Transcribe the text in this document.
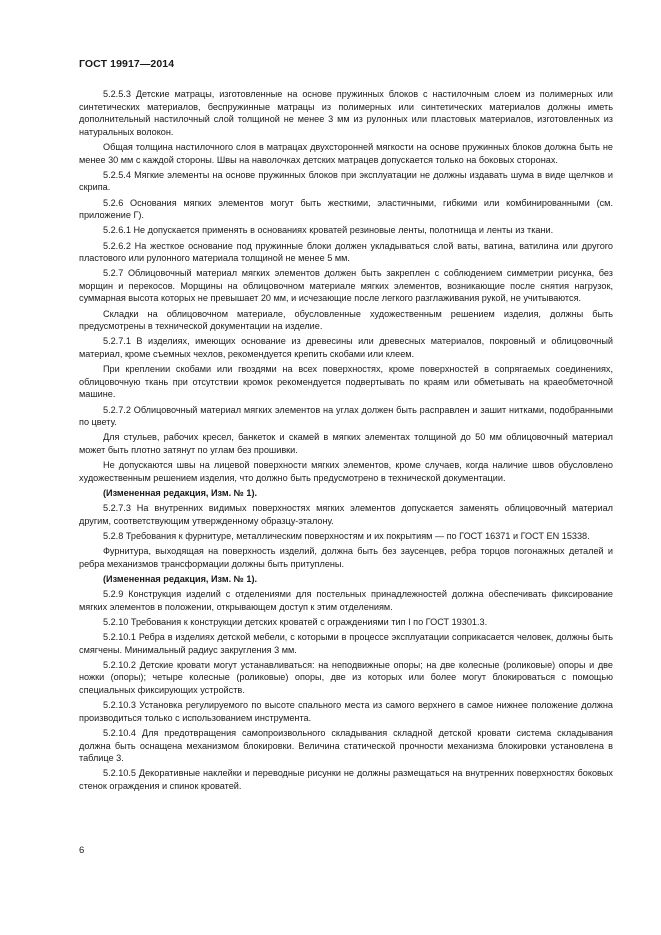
ГОСТ 19917—2014

5.2.5.3 Детские матрацы, изготовленные на основе пружинных блоков с настилочным слоем из полимерных или синтетических материалов, беспружинные матрацы из полимерных или синтетических материалов должны иметь дополнительный настилочный слой толщиной не менее 3 мм из рулонных или пластовых материалов, изготовленных из натуральных волокон.

Общая толщина настилочного слоя в матрацах двухсторонней мягкости на основе пружинных блоков должна быть не менее 30 мм с каждой стороны. Швы на наволочках детских матрацев допускается только на боковых сторонах.

5.2.5.4 Мягкие элементы на основе пружинных блоков при эксплуатации не должны издавать шума в виде щелчков и скрипа.

5.2.6 Основания мягких элементов могут быть жесткими, эластичными, гибкими или комбинированными (см. приложение Г).

5.2.6.1 Не допускается применять в основаниях кроватей резиновые ленты, полотнища и ленты из ткани.

5.2.6.2 На жесткое основание под пружинные блоки должен укладываться слой ваты, ватина, ватилина или другого пластового или рулонного материала толщиной не менее 5 мм.

5.2.7 Облицовочный материал мягких элементов должен быть закреплен с соблюдением симметрии рисунка, без морщин и перекосов. Морщины на облицовочном материале мягких элементов, возникающие после снятия нагрузок, суммарная высота которых не превышает 20 мм, и исчезающие после легкого разглаживания рукой, не учитываются.

Складки на облицовочном материале, обусловленные художественным решением изделия, должны быть предусмотрены в технической документации на изделие.

5.2.7.1 В изделиях, имеющих основание из древесины или древесных материалов, покровный и облицовочный материал, кроме съемных чехлов, рекомендуется крепить скобами или клеем.

При креплении скобами или гвоздями на всех поверхностях, кроме поверхностей в сопрягаемых соединениях, облицовочную ткань при отсутствии кромок рекомендуется подвертывать по краям или обметывать на краеобметочной машине.

5.2.7.2 Облицовочный материал мягких элементов на углах должен быть расправлен и зашит нитками, подобранными по цвету.

Для стульев, рабочих кресел, банкеток и скамей в мягких элементах толщиной до 50 мм облицовочный материал может быть плотно затянут по углам без прошивки.

Не допускаются швы на лицевой поверхности мягких элементов, кроме случаев, когда наличие швов обусловлено художественным решением изделия, что должно быть предусмотрено в технической документации.

(Измененная редакция, Изм. № 1).

5.2.7.3 На внутренних видимых поверхностях мягких элементов допускается заменять облицовочный материал другим, соответствующим утвержденному образцу-эталону.

5.2.8 Требования к фурнитуре, металлическим поверхностям и их покрытиям — по ГОСТ 16371 и ГОСТ EN 15338.

Фурнитура, выходящая на поверхность изделий, должна быть без заусенцев, ребра торцов погонажных деталей и ребра механизмов трансформации должны быть притуплены.

(Измененная редакция, Изм. № 1).

5.2.9 Конструкция изделий с отделениями для постельных принадлежностей должна обеспечивать фиксирование мягких элементов в положении, открывающем доступ к этим отделениям.

5.2.10 Требования к конструкции детских кроватей с ограждениями тип I по ГОСТ 19301.3.

5.2.10.1 Ребра в изделиях детской мебели, с которыми в процессе эксплуатации соприкасается человек, должны быть смягчены. Минимальный радиус закругления 3 мм.

5.2.10.2 Детские кровати могут устанавливаться: на неподвижные опоры; на две колесные (роликовые) опоры и две ножки (опоры); четыре колесные (роликовые) опоры, две из которых или более могут блокироваться с помощью специальных фиксирующих устройств.

5.2.10.3 Установка регулируемого по высоте спального места из самого верхнего в самое нижнее положение должна производиться только с использованием инструмента.

5.2.10.4 Для предотвращения самопроизвольного складывания складной детской кровати система складывания должна быть оснащена механизмом блокировки. Величина статической прочности механизма блокировки установлена в таблице 3.

5.2.10.5 Декоративные наклейки и переводные рисунки не должны размещаться на внутренних поверхностях боковых стенок ограждения и спинок кроватей.

6
